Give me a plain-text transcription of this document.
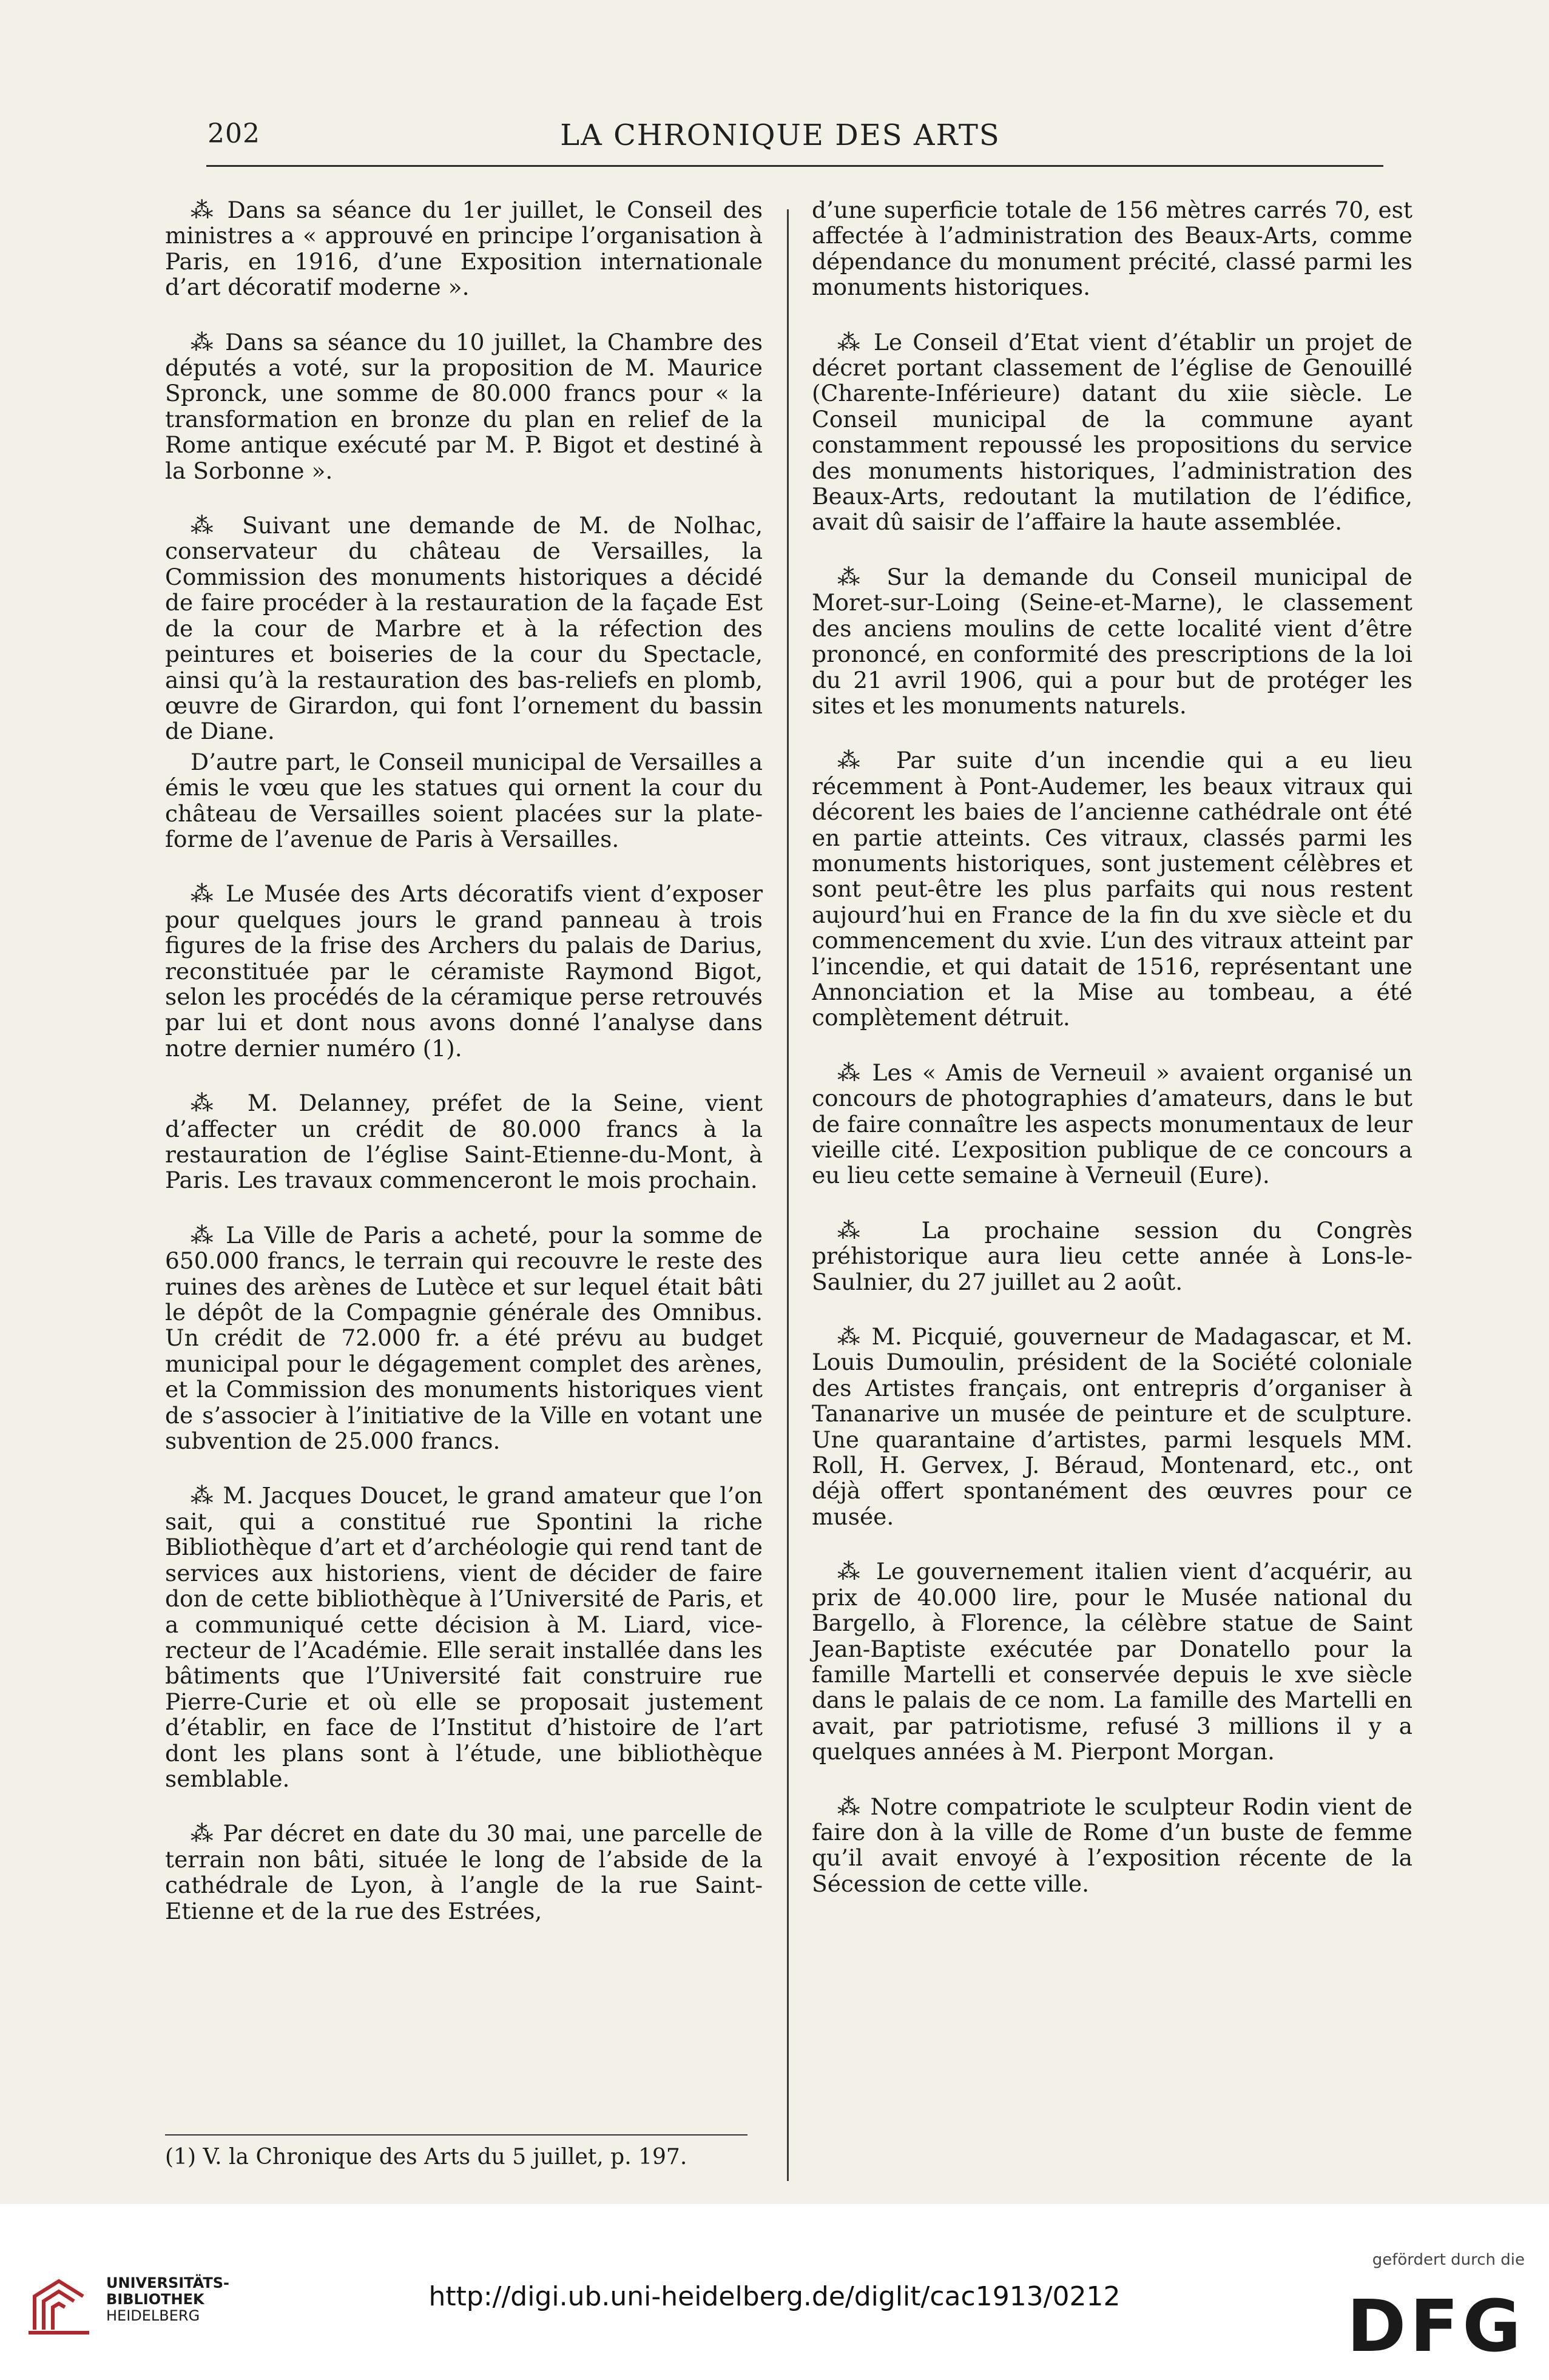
202	LA CHRONIQUE DES ARTS

⁂ Dans sa séance du 1er juillet, le Conseil des ministres a « approuvé en principe l’organisation à Paris, en 1916, d’une Exposition internationale d’art décoratif moderne ».

⁂ Dans sa séance du 10 juillet, la Chambre des députés a voté, sur la proposition de M. Maurice Spronck, une somme de 80.000 francs pour « la transformation en bronze du plan en relief de la Rome antique exécuté par M. P. Bigot et destiné à la Sorbonne ».

⁂ Suivant une demande de M. de Nolhac, conservateur du château de Versailles, la Commission des monuments historiques a décidé de faire procéder à la restauration de la façade Est de la cour de Marbre et à la réfection des peintures et boiseries de la cour du Spectacle, ainsi qu’à la restauration des bas-reliefs en plomb, œuvre de Girardon, qui font l’ornement du bassin de Diane.

D’autre part, le Conseil municipal de Versailles a émis le vœu que les statues qui ornent la cour du château de Versailles soient placées sur la plate-forme de l’avenue de Paris à Versailles.

⁂ Le Musée des Arts décoratifs vient d’exposer pour quelques jours le grand panneau à trois figures de la frise des Archers du palais de Darius, reconstituée par le céramiste Raymond Bigot, selon les procédés de la céramique perse retrouvés par lui et dont nous avons donné l’analyse dans notre dernier numéro (1).

⁂ M. Delanney, préfet de la Seine, vient d’affecter un crédit de 80.000 francs à la restauration de l’église Saint-Etienne-du-Mont, à Paris. Les travaux commenceront le mois prochain.

⁂ La Ville de Paris a acheté, pour la somme de 650.000 francs, le terrain qui recouvre le reste des ruines des arènes de Lutèce et sur lequel était bâti le dépôt de la Compagnie générale des Omnibus. Un crédit de 72.000 fr. a été prévu au budget municipal pour le dégagement complet des arènes, et la Commission des monuments historiques vient de s’associer à l’initiative de la Ville en votant une subvention de 25.000 francs.

⁂ M. Jacques Doucet, le grand amateur que l’on sait, qui a constitué rue Spontini la riche Bibliothèque d’art et d’archéologie qui rend tant de services aux historiens, vient de décider de faire don de cette bibliothèque à l’Université de Paris, et a communiqué cette décision à M. Liard, vice-recteur de l’Académie. Elle serait installée dans les bâtiments que l’Université fait construire rue Pierre-Curie et où elle se proposait justement d’établir, en face de l’Institut d’histoire de l’art dont les plans sont à l’étude, une bibliothèque semblable.

⁂ Par décret en date du 30 mai, une parcelle de terrain non bâti, située le long de l’abside de la cathédrale de Lyon, à l’angle de la rue Saint-Etienne et de la rue des Estrées,

d’une superficie totale de 156 mètres carrés 70, est affectée à l’administration des Beaux-Arts, comme dépendance du monument précité, classé parmi les monuments historiques.

⁂ Le Conseil d’Etat vient d’établir un projet de décret portant classement de l’église de Genouillé (Charente-Inférieure) datant du xiie siècle. Le Conseil municipal de la commune ayant constamment repoussé les propositions du service des monuments historiques, l’administration des Beaux-Arts, redoutant la mutilation de l’édifice, avait dû saisir de l’affaire la haute assemblée.

⁂ Sur la demande du Conseil municipal de Moret-sur-Loing (Seine-et-Marne), le classement des anciens moulins de cette localité vient d’être prononcé, en conformité des prescriptions de la loi du 21 avril 1906, qui a pour but de protéger les sites et les monuments naturels.

⁂ Par suite d’un incendie qui a eu lieu récemment à Pont-Audemer, les beaux vitraux qui décorent les baies de l’ancienne cathédrale ont été en partie atteints. Ces vitraux, classés parmi les monuments historiques, sont justement célèbres et sont peut-être les plus parfaits qui nous restent aujourd’hui en France de la fin du xve siècle et du commencement du xvie. L’un des vitraux atteint par l’incendie, et qui datait de 1516, représentant une Annonciation et la Mise au tombeau, a été complètement détruit.

⁂ Les « Amis de Verneuil » avaient organisé un concours de photographies d’amateurs, dans le but de faire connaître les aspects monumentaux de leur vieille cité. L’exposition publique de ce concours a eu lieu cette semaine à Verneuil (Eure).

⁂ La prochaine session du Congrès préhistorique aura lieu cette année à Lons-le-Saulnier, du 27 juillet au 2 août.

⁂ M. Picquié, gouverneur de Madagascar, et M. Louis Dumoulin, président de la Société coloniale des Artistes français, ont entrepris d’organiser à Tananarive un musée de peinture et de sculpture. Une quarantaine d’artistes, parmi lesquels MM. Roll, H. Gervex, J. Béraud, Montenard, etc., ont déjà offert spontanément des œuvres pour ce musée.

⁂ Le gouvernement italien vient d’acquérir, au prix de 40.000 lire, pour le Musée national du Bargello, à Florence, la célèbre statue de Saint Jean-Baptiste exécutée par Donatello pour la famille Martelli et conservée depuis le xve siècle dans le palais de ce nom. La famille des Martelli en avait, par patriotisme, refusé 3 millions il y a quelques années à M. Pierpont Morgan.

⁂ Notre compatriote le sculpteur Rodin vient de faire don à la ville de Rome d’un buste de femme qu’il avait envoyé à l’exposition récente de la Sécession de cette ville.

(1) V. la Chronique des Arts du 5 juillet, p. 197.
UNIVERSITÄTS-
BIBLIOTHEK
HEIDELBERG
http://digi.ub.uni-heidelberg.de/diglit/cac1913/0212
gefördert durch die
DFG
